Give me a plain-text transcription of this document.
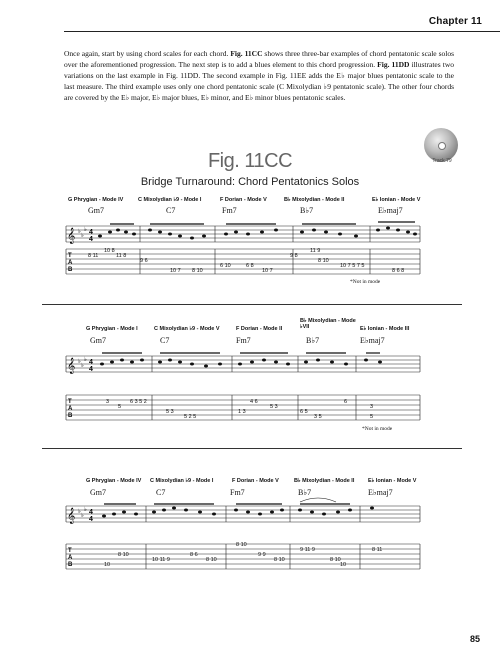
Chapter 11
Once again, start by using chord scales for each chord. Fig. 11CC shows three three-bar examples of chord pentatonic scale solos over the aforementioned progression. The next step is to add a blues element to this chord progression. Fig. 11DD illustrates two variations on the last example in Fig. 11DD. The second example in Fig. 11EE adds the E♭ major blues pentatonic scale to the last measure. The third example uses only one chord pentatonic scale (C Mixolydian ♭9 pentatonic scale). The other four chords are covered by the E♭ major, E♭ major blues, E♭ minor, and E♭ minor blues pentatonic scales.
Fig. 11CC
Bridge Turnaround: Chord Pentatonics Solos
Track 79
G Phrygian - Mode IV	C Mixolydian ♭9 - Mode I	F Dorian - Mode V	B♭ Mixolydian - Mode II	E♭ Ionian - Mode V
Gm7	C7	Fm7	B♭7	E♭maj7
𝄞 ♭
♭
♭ 4
4
T
A
B
8 11
10 8
11 8
9 6
10 7 8 10
6 10	6 8
10 7
9 8
11 9
8 10
10 7 5 7 5
8 6 8
*Not in mode
G Phrygian - Mode I	C Mixolydian ♭9 - Mode V	F Dorian - Mode II
B♭ Mixolydian - Mode ♭VII	E♭ Ionian - Mode III
Gm7	C7	Fm7	B♭7	E♭maj7
𝄞 ♭
♭
♭ 4
4
T
A
B
3
5
6 3 5 2
5 3
5 2 5
1 3
4 6
5 3
6 5
3 5
6
3
5
*Not in mode
G Phrygian - Mode IV C Mixolydian ♭9 - Mode I	F Dorian - Mode V	B♭ Mixolydian - Mode II E♭ Ionian - Mode V
Gm7	C7	Fm7	B♭7	E♭maj7
𝄞 ♭
♭
♭ 4
4
T
A
B	10
8 10
10 11 9
8 6
8 10
8 10
9 9
8 10
9 11 9
8 10
10
8 11
85
